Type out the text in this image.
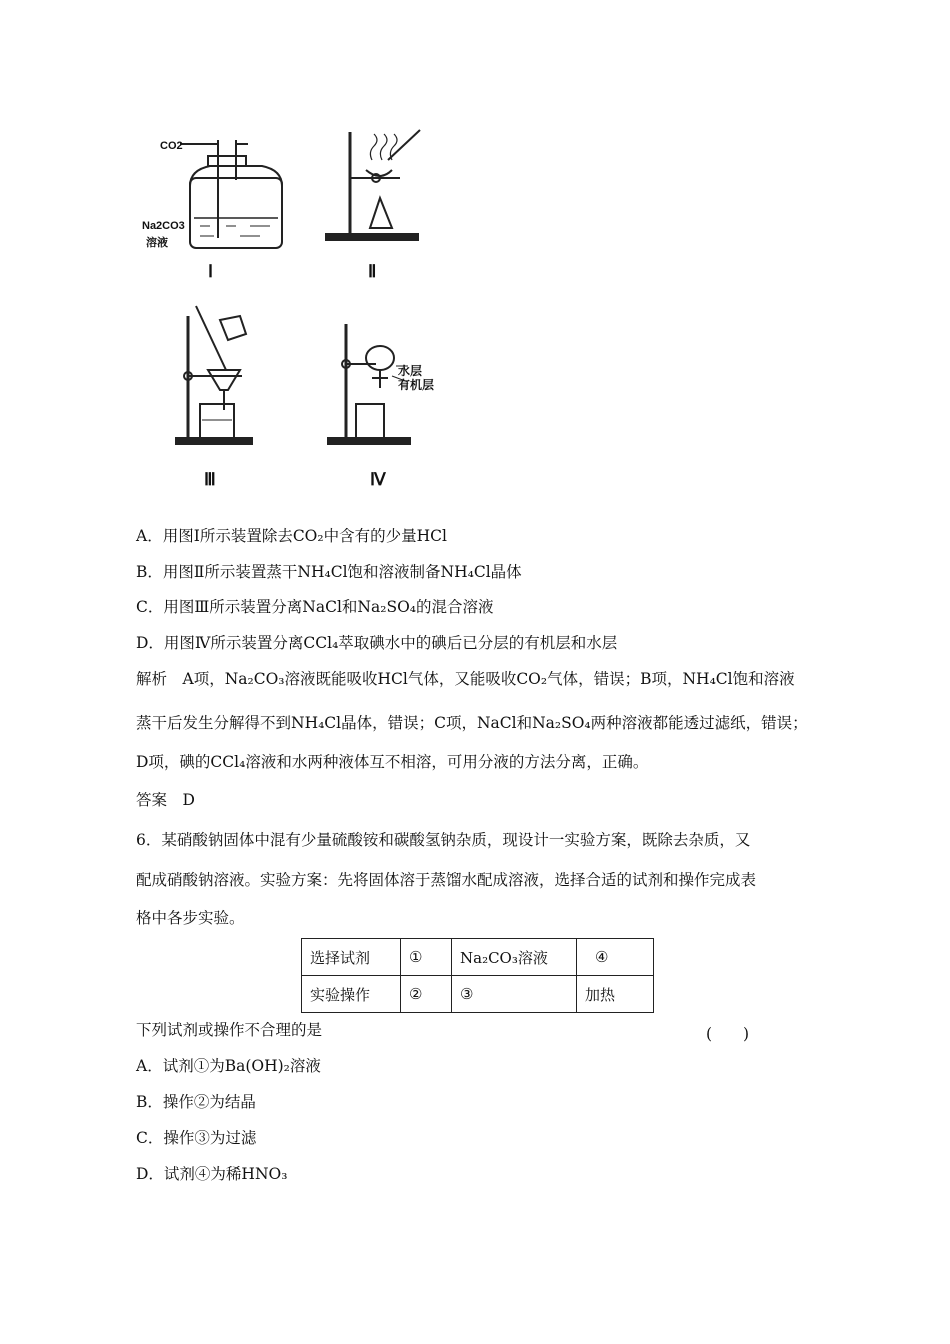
CO2
Na2CO3
溶液
水层
有机层
Ⅰ	Ⅱ
Ⅲ	Ⅳ
A．用图Ⅰ所示装置除去CO₂中含有的少量HCl
B．用图Ⅱ所示装置蒸干NH₄Cl饱和溶液制备NH₄Cl晶体
C．用图Ⅲ所示装置分离NaCl和Na₂SO₄的混合溶液
D．用图Ⅳ所示装置分离CCl₄萃取碘水中的碘后已分层的有机层和水层
解析　A项，Na₂CO₃溶液既能吸收HCl气体，又能吸收CO₂气体，错误；B项，NH₄Cl饱和溶液
蒸干后发生分解得不到NH₄Cl晶体，错误；C项，NaCl和Na₂SO₄两种溶液都能透过滤纸，错误；
D项，碘的CCl₄溶液和水两种液体互不相溶，可用分液的方法分离，正确。
答案　D
6．某硝酸钠固体中混有少量硫酸铵和碳酸氢钠杂质，现设计一实验方案，既除去杂质，又
配成硝酸钠溶液。实验方案：先将固体溶于蒸馏水配成溶液，选择合适的试剂和操作完成表
格中各步实验。
选择试剂	①	Na₂CO₃溶液	④
实验操作	②	③	加热
下列试剂或操作不合理的是	(　　)
A．试剂①为Ba(OH)₂溶液
B．操作②为结晶
C．操作③为过滤
D．试剂④为稀HNO₃
